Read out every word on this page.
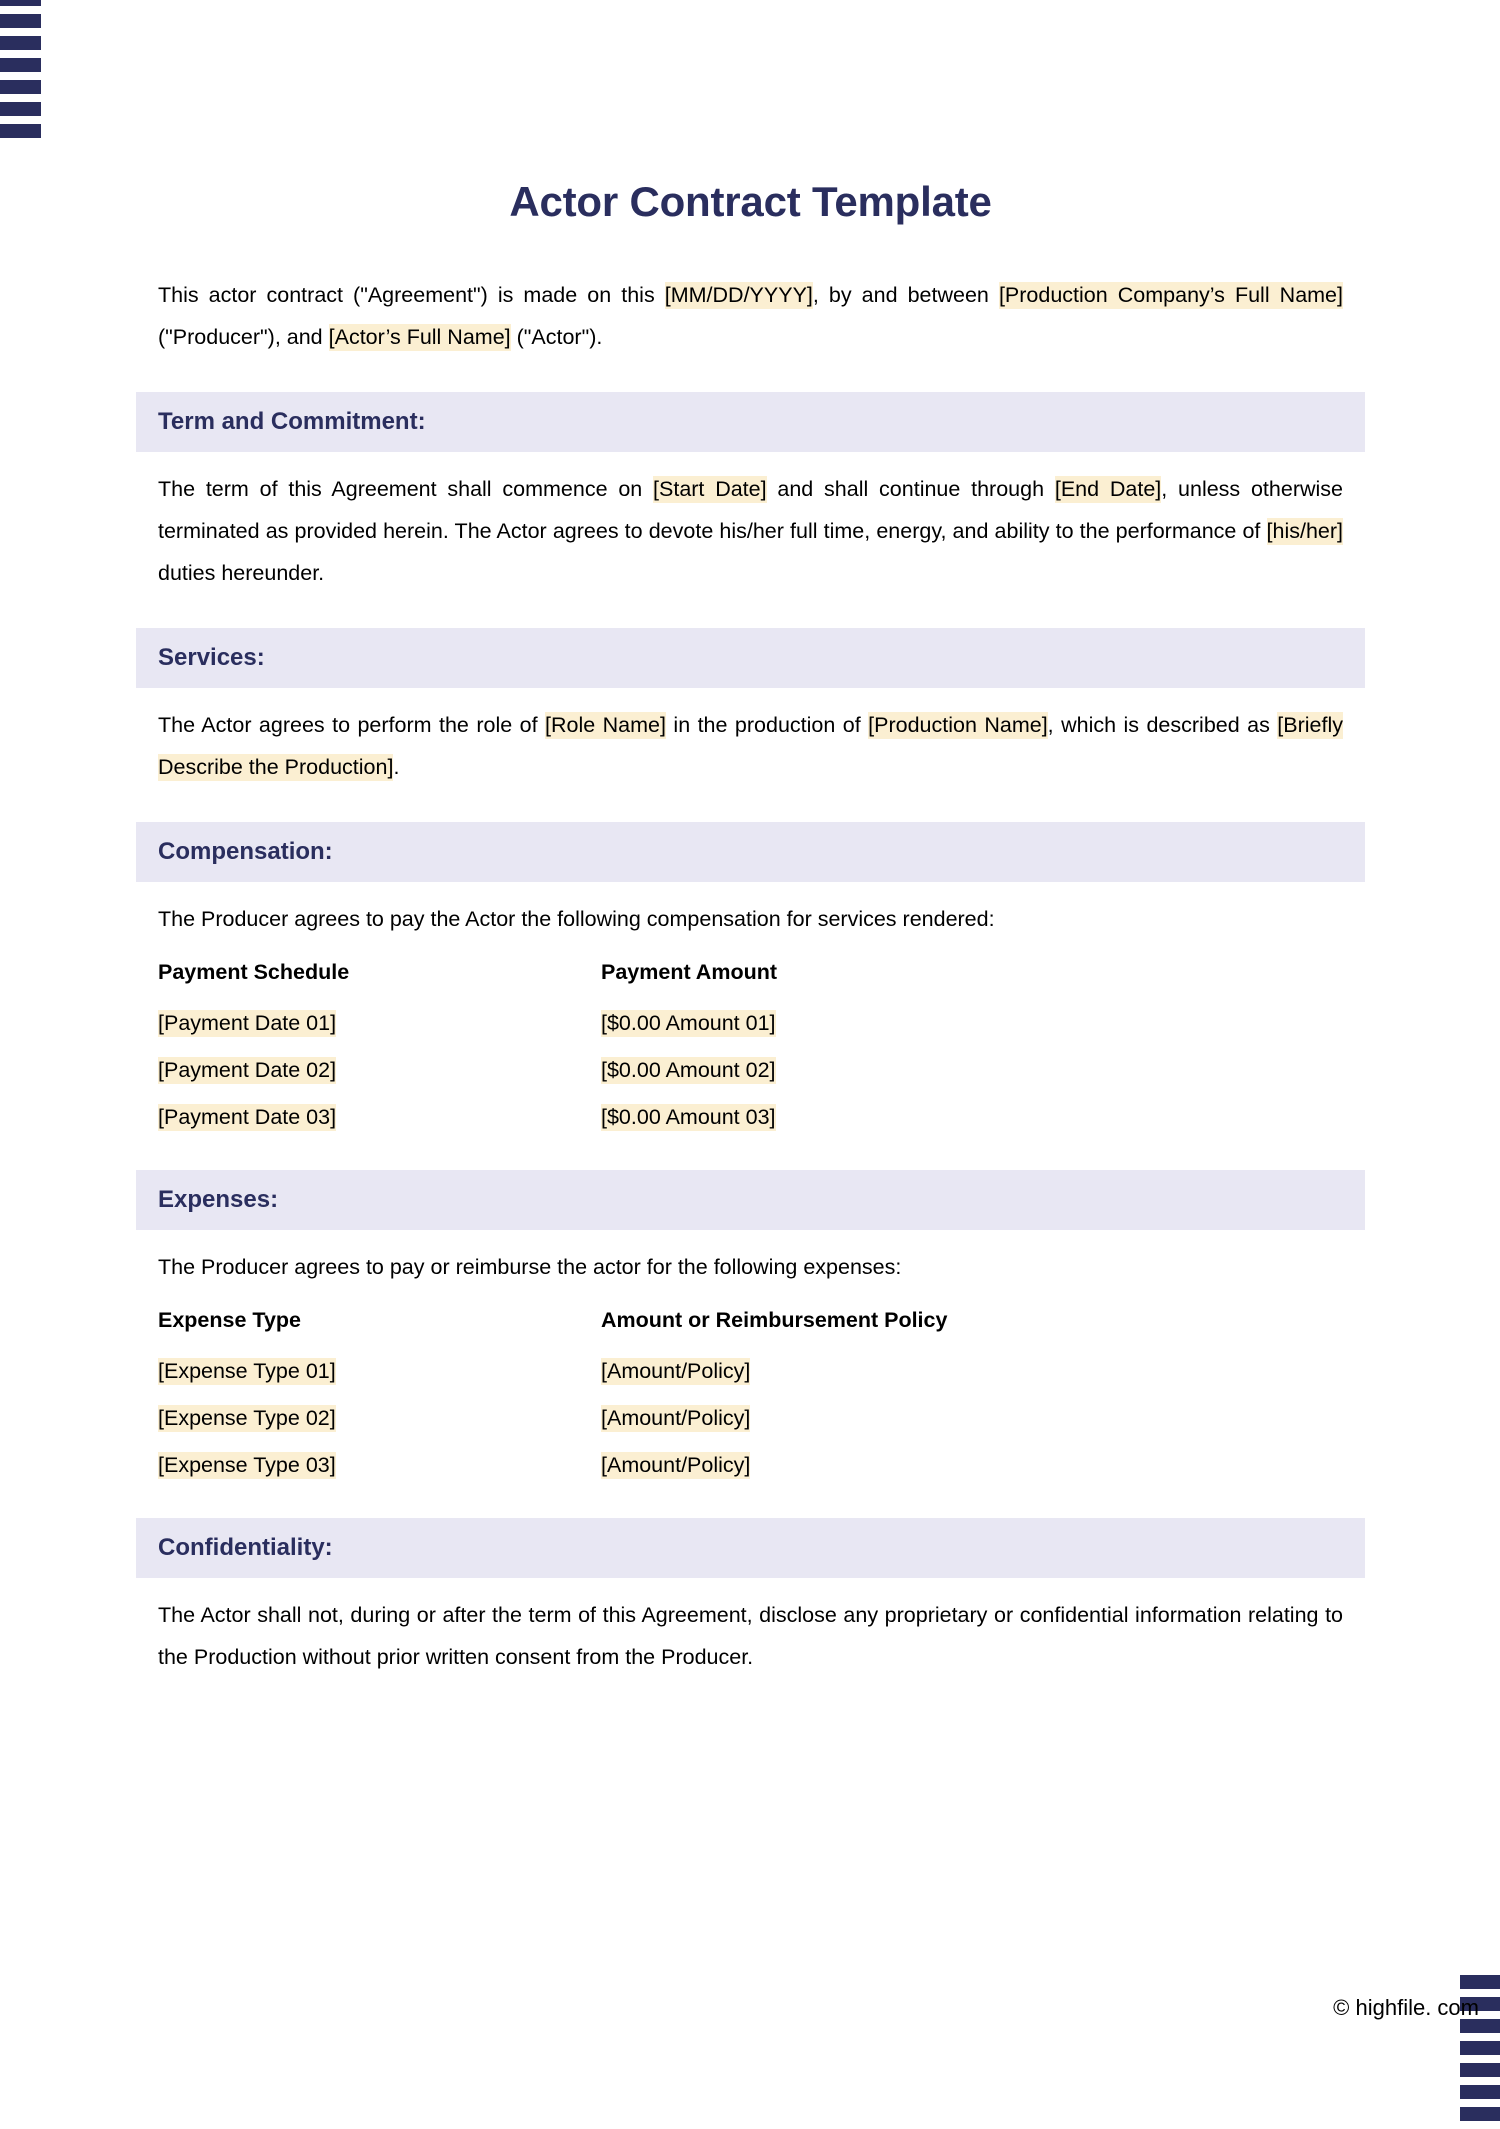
Actor Contract Template

This actor contract ("Agreement") is made on this [MM/DD/YYYY], by and between [Production Company’s Full Name] ("Producer"), and [Actor’s Full Name] ("Actor").

Term and Commitment:

The term of this Agreement shall commence on [Start Date] and shall continue through [End Date], unless otherwise terminated as provided herein. The Actor agrees to devote his/her full time, energy, and ability to the performance of [his/her] duties hereunder.

Services:

The Actor agrees to perform the role of [Role Name] in the production of [Production Name], which is described as [Briefly Describe the Production].

Compensation:

The Producer agrees to pay the Actor the following compensation for services rendered:

Payment Schedule	Payment Amount
[Payment Date 01]	[$0.00 Amount 01]
[Payment Date 02]	[$0.00 Amount 02]
[Payment Date 03]	[$0.00 Amount 03]
Expenses:

The Producer agrees to pay or reimburse the actor for the following expenses:

Expense Type	Amount or Reimbursement Policy
[Expense Type 01]	[Amount/Policy]
[Expense Type 02]	[Amount/Policy]
[Expense Type 03]	[Amount/Policy]
Confidentiality:

The Actor shall not, during or after the term of this Agreement, disclose any proprietary or confidential information relating to the Production without prior written consent from the Producer.

© highfile. com
